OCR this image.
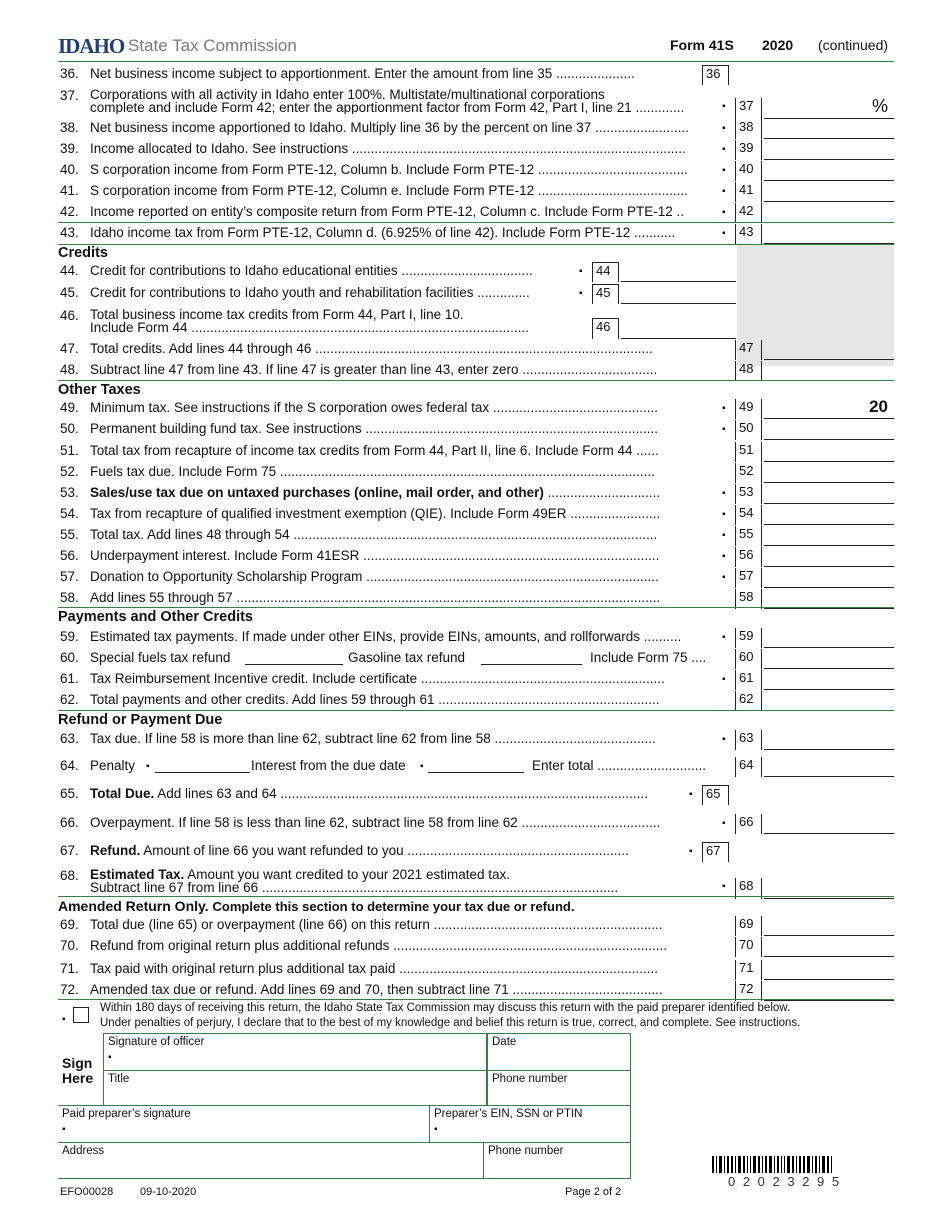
IDAHO State Tax Commission	Form 41S 2020 (continued)
36. Net business income subject to apportionment. Enter the amount from line 35 .....................	36
37. Corporations with all activity in Idaho enter 100%. Multistate/multinational corporations
complete and include Form 42; enter the apportionment factor from Form 42, Part I, line 21 .............	37	%
▪
38. Net business income apportioned to Idaho. Multiply line 36 by the percent on line 37 .........................	38
▪
39. Income allocated to Idaho. See instructions .........................................................................................	39
▪
40. S corporation income from Form PTE-12, Column b. Include Form PTE-12 ........................................	40
▪
41. S corporation income from Form PTE-12, Column e. Include Form PTE-12 ........................................	41
▪
42. Income reported on entity’s composite return from Form PTE-12, Column c. Include Form PTE-12 ..	42
▪
43. Idaho income tax from Form PTE-12, Column d. (6.925% of line 42). Include Form PTE-12 ...........	43
▪
44. Credit for contributions to Idaho educational entities ...................................	44
▪
45. Credit for contributions to Idaho youth and rehabilitation facilities ..............	45
▪
46. Total business income tax credits from Form 44, Part I, line 10.
Include Form 44 ..........................................................................................	46
47. Total credits. Add lines 44 through 46 ..........................................................................................	47
48. Subtract line 47 from line 43. If line 47 is greater than line 43, enter zero ....................................	48
49. Minimum tax. See instructions if the S corporation owes federal tax ............................................	49	20
▪
50. Permanent building fund tax. See instructions ..............................................................................	50
▪
51. Total tax from recapture of income tax credits from Form 44, Part II, line 6. Include Form 44 ......	51
52. Fuels tax due. Include Form 75 ....................................................................................................	52
53. Sales/use tax due on untaxed purchases (online, mail order, and other) ..............................	53
▪
54. Tax from recapture of qualified investment exemption (QIE). Include Form 49ER ........................	54
▪
55. Total tax. Add lines 48 through 54 .................................................................................................	55
▪
56. Underpayment interest. Include Form 41ESR ...............................................................................	56
▪
57. Donation to Opportunity Scholarship Program ..............................................................................	57
▪
58. Add lines 55 through 57 .................................................................................................................	58
59. Estimated tax payments. If made under other EINs, provide EINs, amounts, and rollforwards ..........	59
▪
60. Special fuels tax refund	Gasoline tax refund	Include Form 75 ....	60
61. Tax Reimbursement Incentive credit. Include certificate .................................................................	61
▪
62. Total payments and other credits. Add lines 59 through 61 ...........................................................	62
63. Tax due. If line 58 is more than line 62, subtract line 62 from line 58 ...........................................	63
▪
64. Penalty ▪	▪
Interest from the due date	Enter total .............................	64
65. Total Due. Add lines 63 and 64 ..................................................................................................	65
▪
66. Overpayment. If line 58 is less than line 62, subtract line 58 from line 62 .....................................	66
▪
67. Refund. Amount of line 66 you want refunded to you ...........................................................	67
▪
68. Estimated Tax. Amount you want credited to your 2021 estimated tax.
Subtract line 67 from line 66 ...............................................................................................	68
▪
69. Total due (line 65) or overpayment (line 66) on this return .............................................................	69
70. Refund from original return plus additional refunds .........................................................................	70
71. Tax paid with original return plus additional tax paid .....................................................................	71
72. Amended tax due or refund. Add lines 69 and 70, then subtract line 71 ........................................	72
Credits
Other Taxes
Payments and Other Credits
Refund or Payment Due
Amended Return Only. Complete this section to determine your tax due or refund.
▪
Within 180 days of receiving this return, the Idaho State Tax Commission may discuss this return with the paid preparer identified below.
Under penalties of perjury, I declare that to the best of my knowledge and belief this return is true, correct, and complete. See instructions.
Sign Here
Signature of officer
▪
Date
Title	Phone number
Paid preparer’s signature
▪
Preparer’s EIN, SSN or PTIN
▪
Address	Phone number
0 2 0 2 3 2 9 5
EFO00028 09-10-2020	Page 2 of 2
